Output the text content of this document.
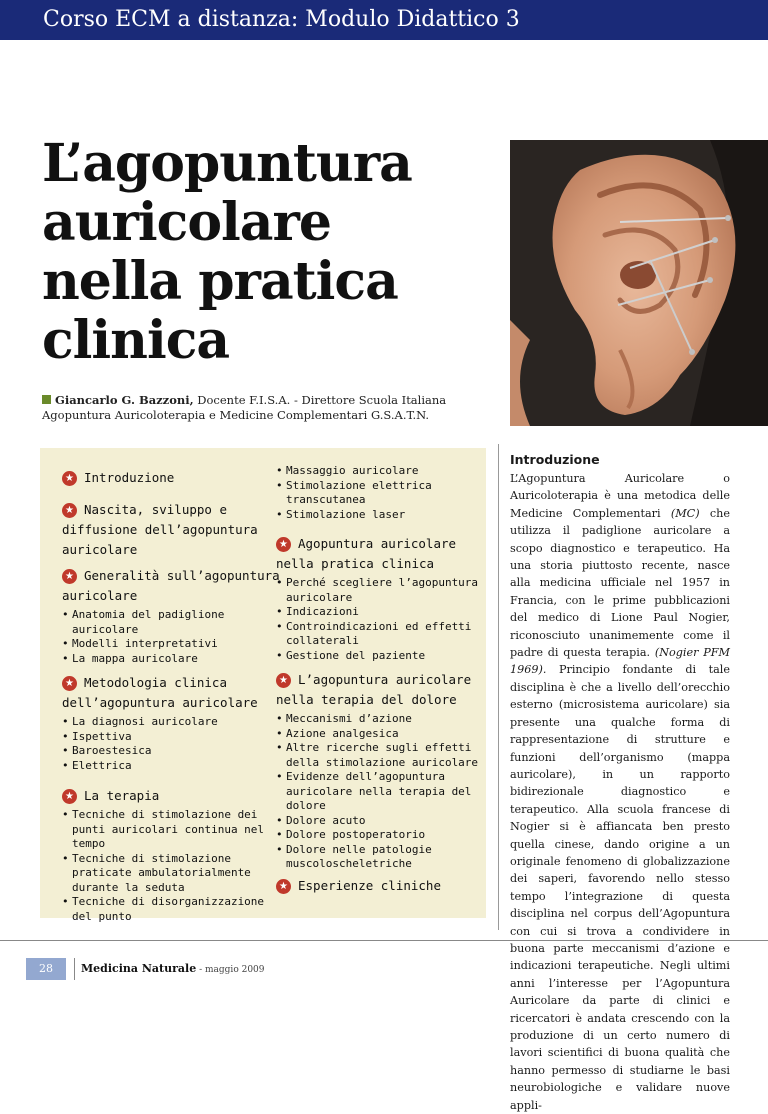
Corso ECM a distanza: Modulo Didattico 3
L’agopuntura
auricolare
nella pratica
clinica
Giancarlo G. Bazzoni, Docente F.I.S.A. - Direttore Scuola Italiana Agopuntura Auricoloterapia e Medicine Complementari G.S.A.T.N.

★ Introduzione

★ Nascita, sviluppo e diffusione dell’agopuntura auricolare

★ Generalità sull’agopuntura auricolare

• Anatomia del padiglione auricolare
• Modelli interpretativi
• La mappa auricolare

★ Metodologia clinica dell’agopuntura auricolare

• La diagnosi auricolare
• Ispettiva
• Baroestesica
• Elettrica

★ La terapia

• Tecniche di stimolazione dei punti auricolari continua nel tempo
• Tecniche di stimolazione praticate ambulatorialmente durante la seduta
• Tecniche di disorganizzazione del punto
• Massaggio auricolare
• Stimolazione elettrica transcutanea
• Stimolazione laser

★ Agopuntura auricolare nella pratica clinica

• Perché scegliere l’agopuntura auricolare
• Indicazioni
• Controindicazioni ed effetti collaterali
• Gestione del paziente

★ L’agopuntura auricolare nella terapia del dolore

• Meccanismi d’azione
• Azione analgesica
• Altre ricerche sugli effetti della stimolazione auricolare
• Evidenze dell’agopuntura auricolare nella terapia del dolore
• Dolore acuto
• Dolore postoperatorio
• Dolore nelle patologie muscoloscheletriche

★ Esperienze cliniche

Introduzione

L’Agopuntura Auricolare o Auricoloterapia è una metodica delle Medicine Complementari (MC) che utilizza il padiglione auricolare a scopo diagnostico e terapeutico. Ha una storia piuttosto recente, nasce alla medicina ufficiale nel 1957 in Francia, con le prime pubblicazioni del medico di Lione Paul Nogier, riconosciuto unanimemente come il padre di questa terapia. (Nogier PFM 1969). Principio fondante di tale disciplina è che a livello dell’orecchio esterno (microsistema auricolare) sia presente una qualche forma di rappresentazione di strutture e funzioni dell’organismo (mappa auricolare), in un rapporto bidirezionale diagnostico e terapeutico. Alla scuola francese di Nogier si è affiancata ben presto quella cinese, dando origine a un originale fenomeno di globalizzazione dei saperi, favorendo nello stesso tempo l’integrazione di questa disciplina nel corpus dell’Agopuntura con cui si trova a condividere in buona parte meccanismi d’azione e indicazioni terapeutiche. Negli ultimi anni l’interesse per l’Agopuntura Auricolare da parte di clinici e ricercatori è andata crescendo con la produzione di un certo numero di lavori scientifici di buona qualità che hanno permesso di studiarne le basi neurobiologiche e validare nuove appli-

28	Medicina Naturale - maggio 2009
